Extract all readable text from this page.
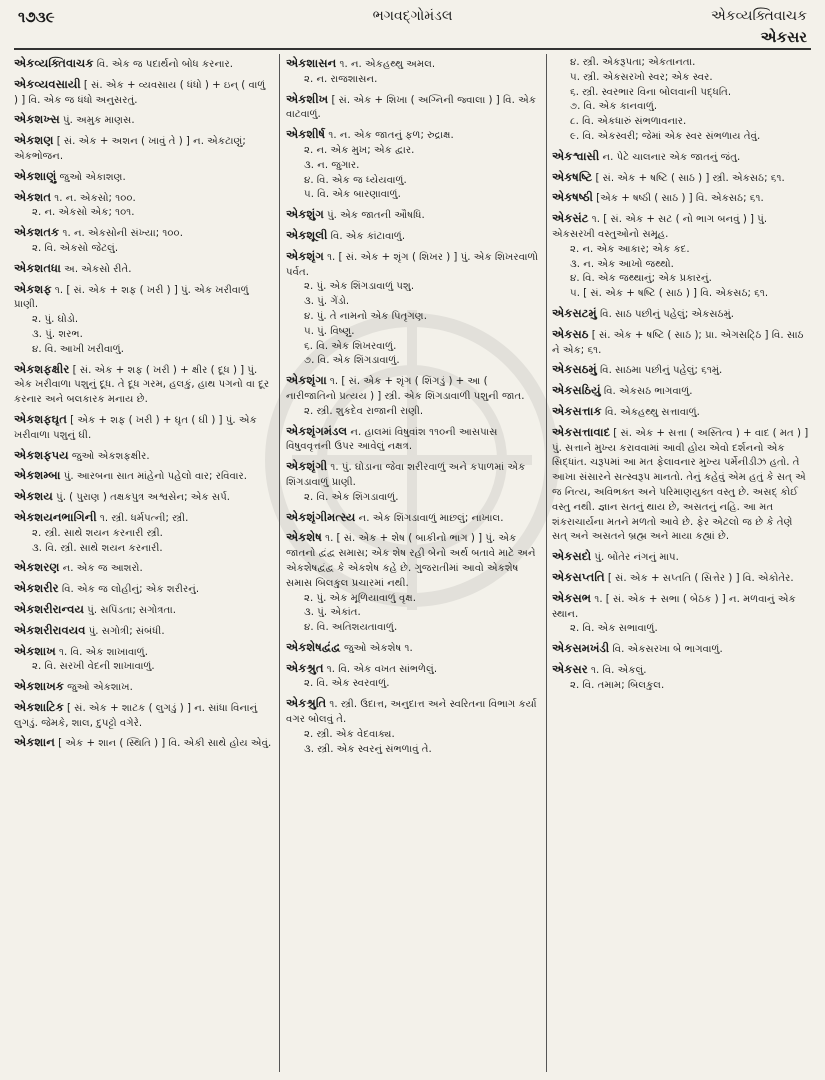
૧૭૩૯	ભગવદ્ગોમંડલ	એકવ્યક્તિવાચક
એકસર
એકવ્યક્તિવાચક વિ. એક જ પદાર્થનો બોધ કરનાર.
એકવ્યવસાયી [ સં. એક + વ્યવસાય ( ધંધો ) + ઇન્ ( વાળું ) ] વિ. એક જ ધંધો અનુસરતું.
એકશખ્સ પું. અમુક માણસ.
એકશણ [ સં. એક + અશન ( ખાવું તે ) ] ન. એકટાણું; એકભોજન.
એકશાણું જુઓ એકાશણ.
એકશત ૧. ન. એકસો; ૧૦૦.
૨. ન. એકસો એક; ૧૦૧.
એકશતક ૧. ન. એકસોની સંખ્યા; ૧૦૦.
૨. વિ. એકસો જેટલું.
એકશતધા અ. એકસો રીતે.
એકશફ ૧. [ સં. એક + શફ ( ખરી ) ] પું. એક ખરીવાળું પ્રાણી.
૨. પું. ઘોડો.
૩. પું. શરભ.
૪. વિ. આખી ખરીવાળું.
એકશફક્ષીર [ સં. એક + શફ ( ખરી ) + ક્ષીર ( દૂધ ) ] પું. એક ખરીવાળા પશુનું દૂધ. તે દૂધ ગરમ, હલકું, હાથ પગનો વા દૂર કરનાર અને બલકારક મનાય છે.
એકશફઘૃત [ એક + શફ ( ખરી ) + ઘૃત ( ઘી ) ] પું. એક ખરીવાળા પશુનું ઘી.
એકશફપય જુઓ એકશફક્ષીર.
એકશમ્બા પું. આરબના સાત માંહેનો પહેલો વાર; રવિવાર.
એકશય પું. ( પુરાણ ) તક્ષકપુત્ર અશ્વસેન; એક સર્પ.
એકશયનભાગિની ૧. સ્ત્રી. ધર્મપત્ની; સ્ત્રી.
૨. સ્ત્રી. સાથે શયન કરનારી સ્ત્રી.
૩. વિ. સ્ત્રી. સાથે શયન કરનારી.
એકશરણ ન. એક જ આશરો.
એકશરીર વિ. એક જ લોહીનું; એક શરીરનું.
એકશરીરાન્વય પું. સપિંડતા; સગોત્રતા.
એકશરીરાવયવ પું. સગોત્રી; સંબંધી.
એકશાખ ૧. વિ. એક શાખાવાળું.
૨. વિ. સરખી વેદની શાખાવાળું.
એકશાખક જુઓ એકશાખ.
એકશાટિક [ સં. એક + શાટક ( લુગડું ) ] ન. સાંધા વિનાનું લુગડું. જેમકે, શાલ, દુપટ્ટો વગેરે.
એકશાન [ એક + શાન ( સ્થિતિ ) ] વિ. એકી સાથે હોય એવું.
એકશાસન ૧. ન. એકહથ્થુ અમલ.
૨. ન. રાજશાસન.
એકશીખ [ સં. એક + શિખા ( અગ્નિની જ્વાલા ) ] વિ. એક વાટવાળું.
એકશીર્ષ ૧. ન. એક જાતનું ફળ; રુદ્રાક્ષ.
૨. ન. એક મુખ; એક દ્વાર.
૩. ન. જુગાર.
૪. વિ. એક જ ધ્યેયવાળું.
૫. વિ. એક બારણાવાળું.
એકશુંગ પું. એક જાતની ઔષધિ.
એકશૂલી વિ. એક કાંટાવાળું.
એકશૃંગ ૧. [ સં. એક + શૃંગ ( શિખર ) ] પું. એક શિખરવાળો પર્વત.
૨. પું. એક શિંગડાવાળું પશુ.
૩. પું. ગેંડો.
૪. પું. તે નામનો એક પિતૃગણ.
૫. પું. વિષ્ણુ.
૬. વિ. એક શિખરવાળું.
૭. વિ. એક શિંગડાવાળું.
એકશૃંગા ૧. [ સં. એક + શૃંગ ( શિંગડું ) + આ ( નારીજાતિનો પ્રત્યય ) ] સ્ત્રી. એક શિંગડાવાળી પશુની જાત.
૨. સ્ત્રી. શુકદેવ રાજાની રાણી.
એકશૃંગમંડલ ન. હાલમાં વિષુવાંશ ૧૧૦ની આસપાસ વિષુવવૃત્તની ઉપર આવેલું નક્ષત્ર.
એકશૃંગી ૧. પું. ઘોડાના જેવા શરીરવાળું અને કપાળમાં એક શિંગડાવાળું પ્રાણી.
૨. વિ. એક શિંગડાવાળું.
એકશૃંગીમત્સ્ય ન. એક શિંગડાવાળું માછલું; નાખાલ.
એકશેષ ૧. [ સં. એક + શેષ ( બાકીનો ભાગ ) ] પું. એક જાતનો દ્વંદ્વ સમાસ; એક શેષ રહી બેનો અર્થ બતાવે માટે અને એકશેષદ્વંદ્વ કે એકશેષ કહે છે. ગુજરાતીમાં આવો એકશેષ સમાસ બિલકુલ પ્રચારમાં નથી.
૨. પું. એક મૂળિયાવાળું વૃક્ષ.
૩. પું. એકાંત.
૪. વિ. અતિશયતાવાળું.
એકશેષદ્વંદ્વ જુઓ એકશેષ ૧.
એકશ્રુત ૧. વિ. એક વખત સાંભળેલું.
૨. વિ. એક સ્વરવાળું.
એકશ્રુતિ ૧. સ્ત્રી. ઉદાત્ત, અનુદાત્ત અને સ્વરિતના વિભાગ કર્યા વગર બોલવું તે.
૨. સ્ત્રી. એક વેદવાક્ય.
૩. સ્ત્રી. એક સ્વરનું સંભળાવું તે.
૪. સ્ત્રી. એકરૂપતા; એકતાનતા.
૫. સ્ત્રી. એકસરખો સ્વર; એક સ્વર.
૬. સ્ત્રી. સ્વરભાર વિના બોલવાની પદ્ધતિ.
૭. વિ. એક કાનવાળું.
૮. વિ. એકધારું સંભળાવનાર.
૯. વિ. એકસ્વરી; જેમાં એક સ્વર સંભળાય તેવું.
એકશ્વાસી ન. પેટે ચાલનાર એક જાતનું જંતુ.
એકષષ્ટિ [ સં. એક + ષષ્ટિ ( સાઠ ) ] સ્ત્રી. એકસઠ; ૬૧.
એકષષ્ઠી [એક + ષષ્ઠી ( સાઠ ) ] વિ. એકસઠ; ૬૧.
એકસંટ ૧. [ સં. એક + સટ ( નો ભાગ બનવું ) ] પું. એકસરખી વસ્તુઓનો સમૂહ.
૨. ન. એક આકાર; એક કદ.
૩. ન. એક આખો જથ્થો.
૪. વિ. એક જથ્થાનું; એક પ્રકારનું.
૫. [ સં. એક + ષષ્ટિ ( સાઠ ) ] વિ. એકસઠ; ૬૧.
એકસટમું વિ. સાઠ પછીનું પહેલું; એકસઠમું.
એકસઠ [ સં. એક + ષષ્ટિ ( સાઠ ); પ્રા. એગસટ્ઠિ ] વિ. સાઠ ને એક; ૬૧.
એકસઠમું વિ. સાઠમા પછીનું પહેલું; ૬૧મું.
એકસઠિયું વિ. એકસઠ ભાગવાળું.
એકસત્તાક વિ. એકહથ્થુ સત્તાવાળું.
એકસત્તાવાદ [ સં. એક + સત્તા ( અસ્તિત્વ ) + વાદ ( મત ) ] પું. સત્તાને મુખ્ય કરાવવામાં આવી હોય એવો દર્શનનો એક સિદ્ધાંત. ચરૂપમાં આ મત ફેલાવનાર મુખ્ય પર્મેનીડીઝ હતો. તે આખા સંસારને સત્સ્વરૂપ માનતો. તેનું કહેવું એમ હતું કે સત્ એ જ નિત્ય, અવિભક્ત અને પરિમાણયુક્ત વસ્તુ છે. અસદ્ કોઈ વસ્તુ નથી. જ્ઞાન સતનું થાય છે, અસતનું નહિ. આ મત શંકરાચાર્યના મતને મળતો આવે છે. ફેર એટલો જ છે કે તેણે સત્ અને અસતને બ્રહ્મ અને માયા કહ્યાં છે.
એકસદો પું. બોંતેર નંગનું માપ.
એકસપ્તતિ [ સં. એક + સપ્તતિ ( સિત્તેર ) ] વિ. એકોતેર.
એકસભ ૧. [ સં. એક + સભા ( બેઠક ) ] ન. મળવાનું એક સ્થાન.
૨. વિ. એક સભાવાળું.
એકસમખંડી વિ. એકસરખા બે ભાગવાળું.
એકસર ૧. વિ. એકલું.
૨. વિ. તમામ; બિલકુલ.
